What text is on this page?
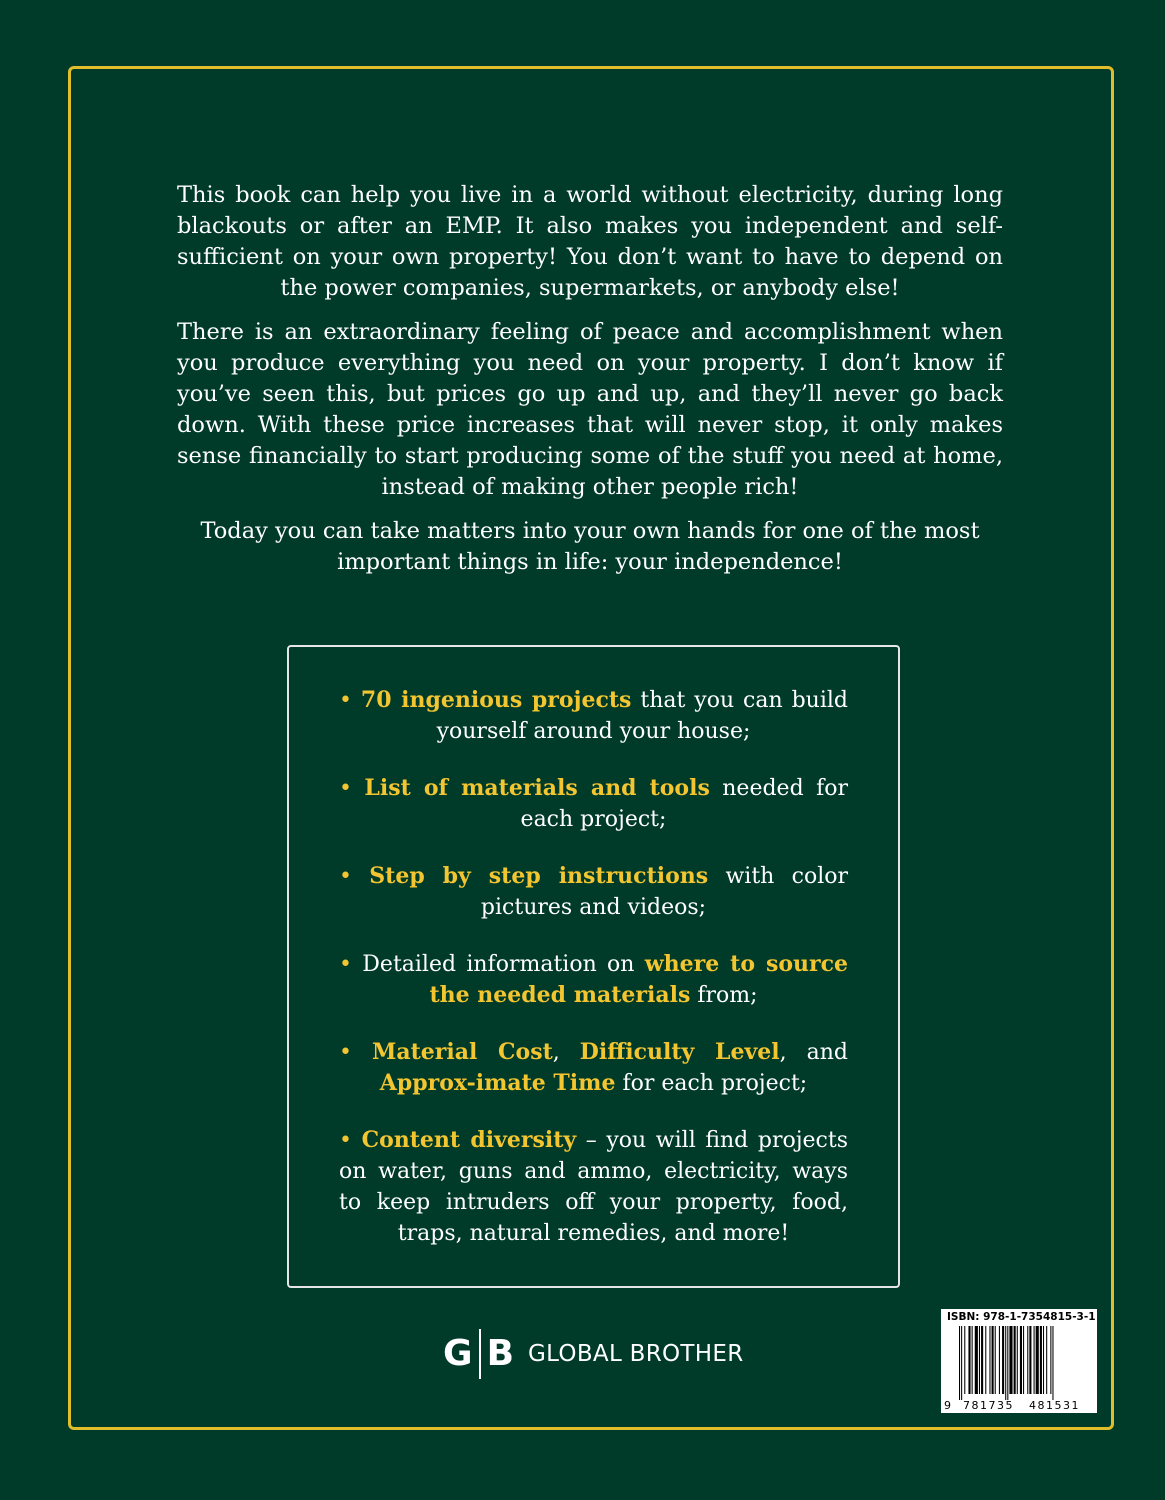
This book can help you live in a world without electricity, during long blackouts or after an EMP. It also makes you independent and self-sufficient on your own property! You don’t want to have to depend on the power companies, supermarkets, or anybody else!

There is an extraordinary feeling of peace and accomplishment when you produce everything you need on your property. I don’t know if you’ve seen this, but prices go up and up, and they’ll never go back down. With these price increases that will never stop, it only makes sense financially to start producing some of the stuff you need at home, instead of making other people rich!

Today you can take matters into your own hands for one of the most important things in life: your independence!

• 70 ingenious projects that you can build yourself around your house;
• List of materials and tools needed for each project;
• Step by step instructions with color pictures and videos;
• Detailed information on where to source the needed materials from;
• Material Cost, Difficulty Level, and Approx-imate Time for each project;
• Content diversity – you will find projects on water, guns and ammo, electricity, ways to keep intruders off your property, food, traps, natural remedies, and more!
G B GLOBAL BROTHER
ISBN: 978-1-7354815-3-1
9 781735 481531
